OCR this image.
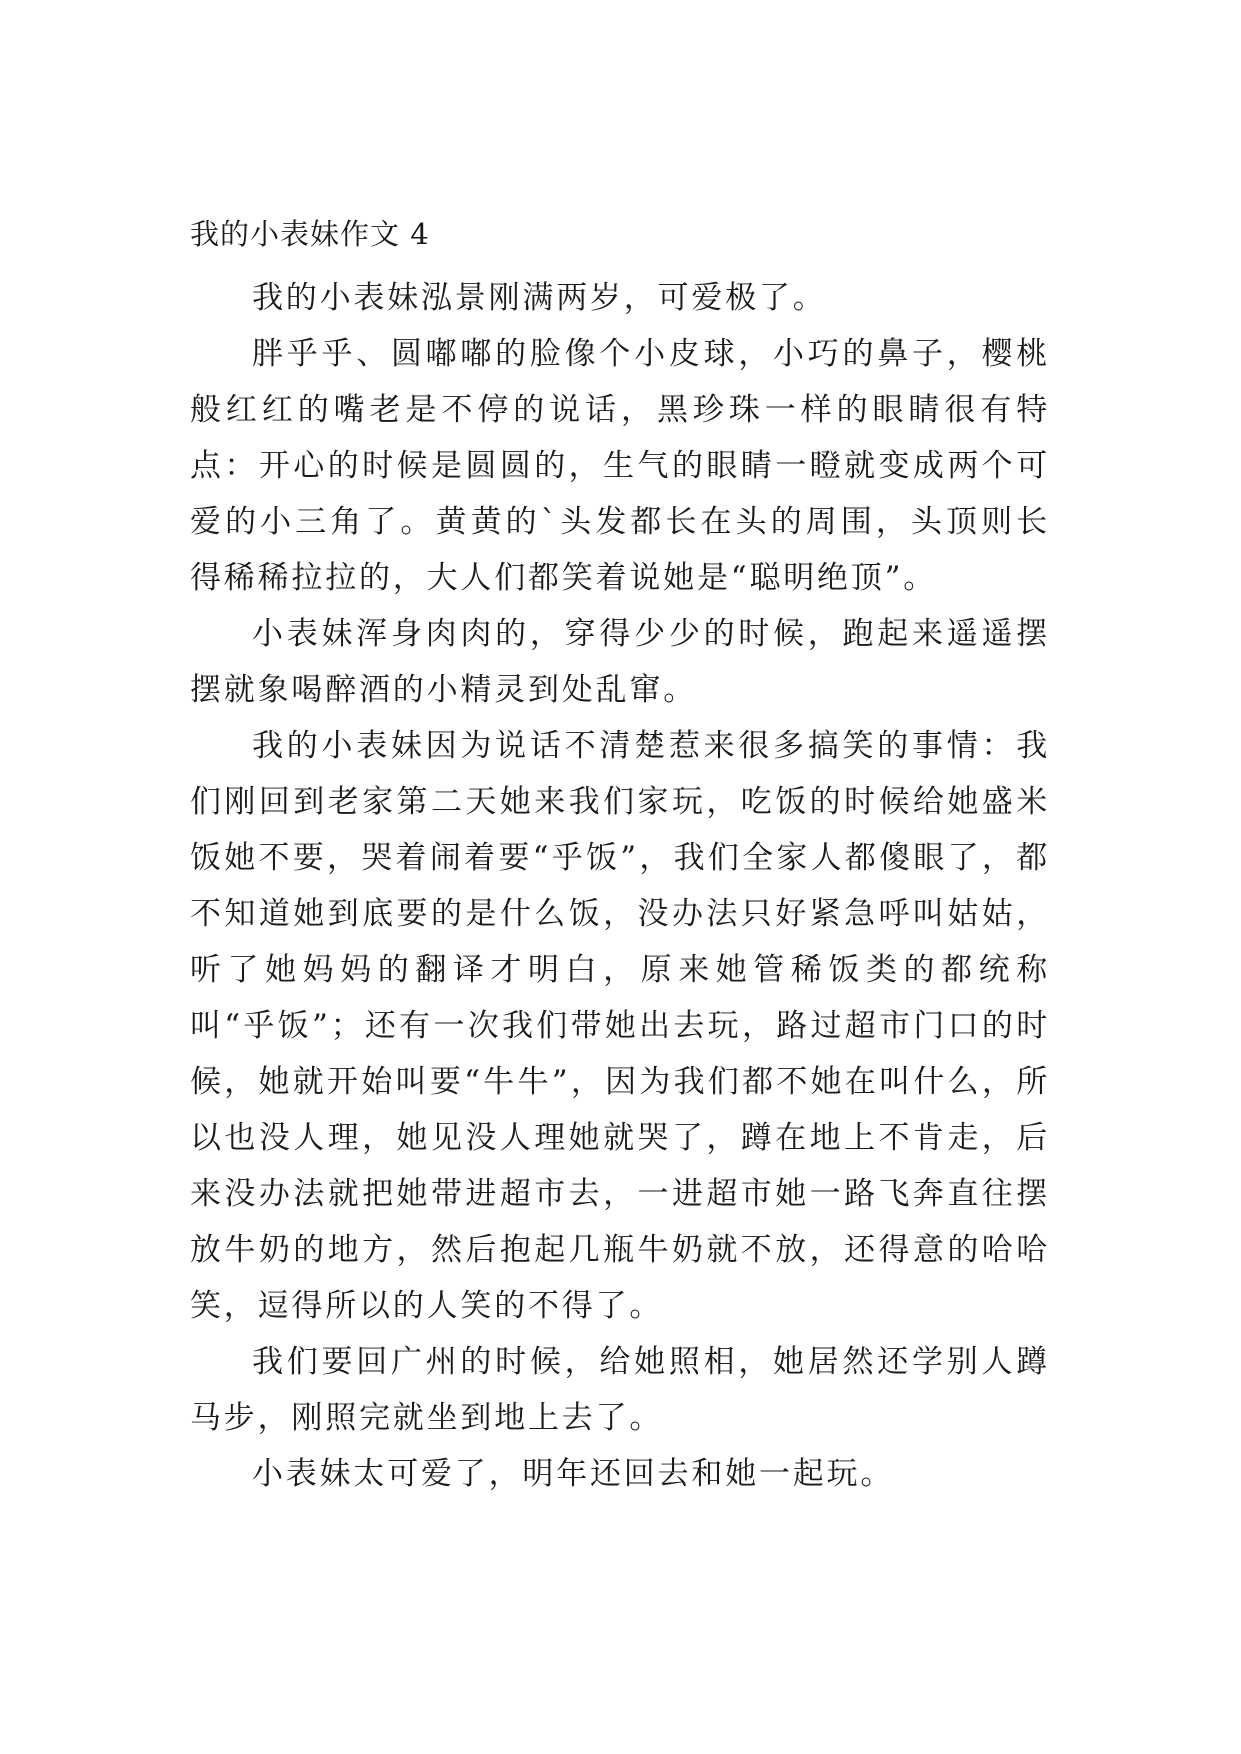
我的小表妹作文 4

我的小表妹泓景刚满两岁，可爱极了。

胖乎乎、圆嘟嘟的脸像个小皮球，小巧的鼻子，樱桃般红红的嘴老是不停的说话，黑珍珠一样的眼睛很有特点：开心的时候是圆圆的，生气的眼睛一瞪就变成两个可爱的小三角了。黄黄的`头发都长在头的周围，头顶则长得稀稀拉拉的，大人们都笑着说她是“聪明绝顶”。

小表妹浑身肉肉的，穿得少少的时候，跑起来遥遥摆摆就象喝醉酒的小精灵到处乱窜。

我的小表妹因为说话不清楚惹来很多搞笑的事情：我们刚回到老家第二天她来我们家玩，吃饭的时候给她盛米饭她不要，哭着闹着要“乎饭”，我们全家人都傻眼了，都不知道她到底要的是什么饭，没办法只好紧急呼叫姑姑，听了她妈妈的翻译才明白，原来她管稀饭类的都统称叫“乎饭”；还有一次我们带她出去玩，路过超市门口的时候，她就开始叫要“牛牛”，因为我们都不她在叫什么，所以也没人理，她见没人理她就哭了，蹲在地上不肯走，后来没办法就把她带进超市去，一进超市她一路飞奔直往摆放牛奶的地方，然后抱起几瓶牛奶就不放，还得意的哈哈笑，逗得所以的人笑的不得了。

我们要回广州的时候，给她照相，她居然还学别人蹲马步，刚照完就坐到地上去了。

小表妹太可爱了，明年还回去和她一起玩。
